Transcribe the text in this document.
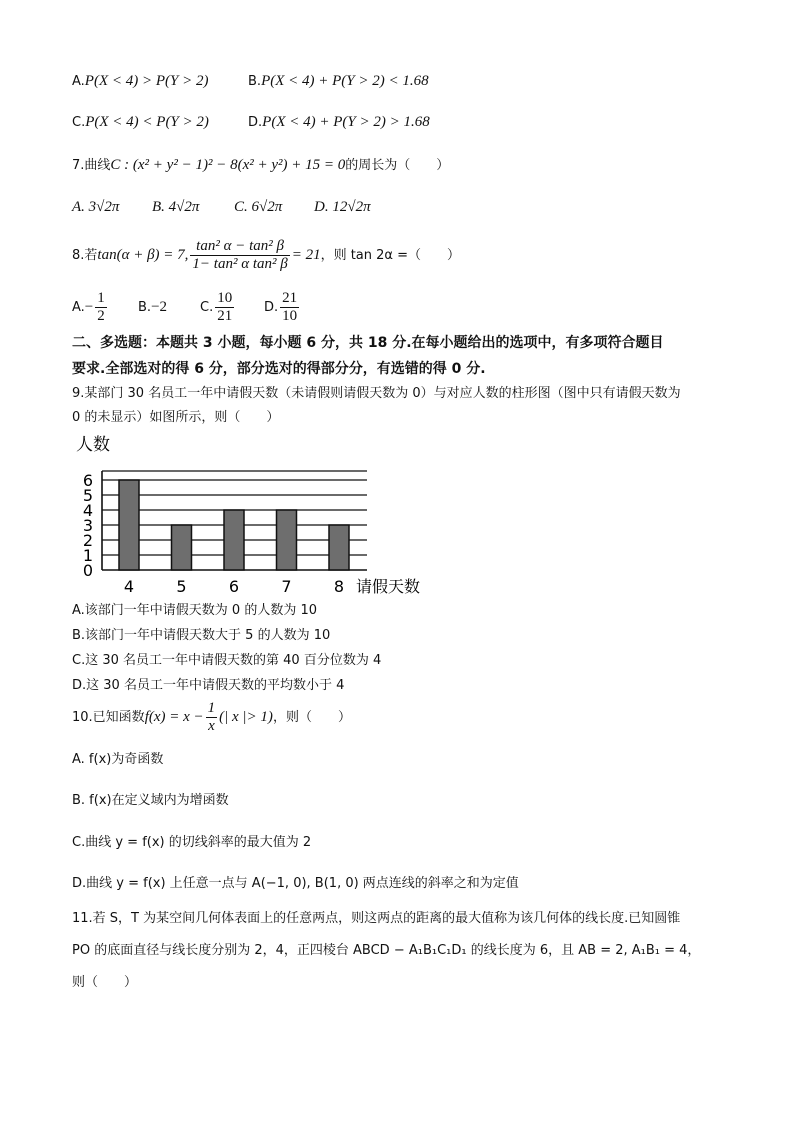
A.P(X < 4) > P(Y > 2)	B.P(X < 4) + P(Y > 2) < 1.68
C.P(X < 4) < P(Y > 2)	D.P(X < 4) + P(Y > 2) > 1.68
7.曲线C : (x² + y² − 1)² − 8(x² + y²) + 15 = 0的周长为（　　）
A. 3√2π B. 4√2π C. 6√2π D. 12√2π
8.若tan(α + β) = 7, $\frac{\text{tan² α − tan² β}}{\text{1− tan² α tan² β}} = 21$，则 tan 2α =（　　）
$A.- \frac{1}{2} B.-2$	C. $\frac{10}{21} D$. $\frac{21}{10}$
二、多选题：本题共 3 小题，每小题 6 分，共 18 分.在每小题给出的选项中，有多项符合题目
要求.全部选对的得 6 分，部分选对的得部分分，有选错的得 0 分.
9.某部门 30 名员工一年中请假天数（未请假则请假天数为 0）与对应人数的柱形图（图中只有请假天数为
0 的未显示）如图所示，则（　　）
人数
0
1
2
3
4
5
6
4	5	6	7	8 请假天数
A.该部门一年中请假天数为 0 的人数为 10
B.该部门一年中请假天数大于 5 的人数为 10
C.这 30 名员工一年中请假天数的第 40 百分位数为 4
D.这 30 名员工一年中请假天数的平均数小于 4
10.已知函数$f(x) = x - \frac{1}{x}$ (| x |> 1)，则（　　）
A. f(x)为奇函数
B. f(x)在定义域内为增函数
C.曲线 y = f(x) 的切线斜率的最大值为 2
D.曲线 y = f(x) 上任意一点与 A(−1, 0), B(1, 0) 两点连线的斜率之和为定值
11.若 S，T 为某空间几何体表面上的任意两点，则这两点的距离的最大值称为该几何体的线长度.已知圆锥
PO 的底面直径与线长度分别为 2，4，正四棱台 ABCD − A₁B₁C₁D₁ 的线长度为 6，且 AB = 2, A₁B₁ = 4，
则（　　）
